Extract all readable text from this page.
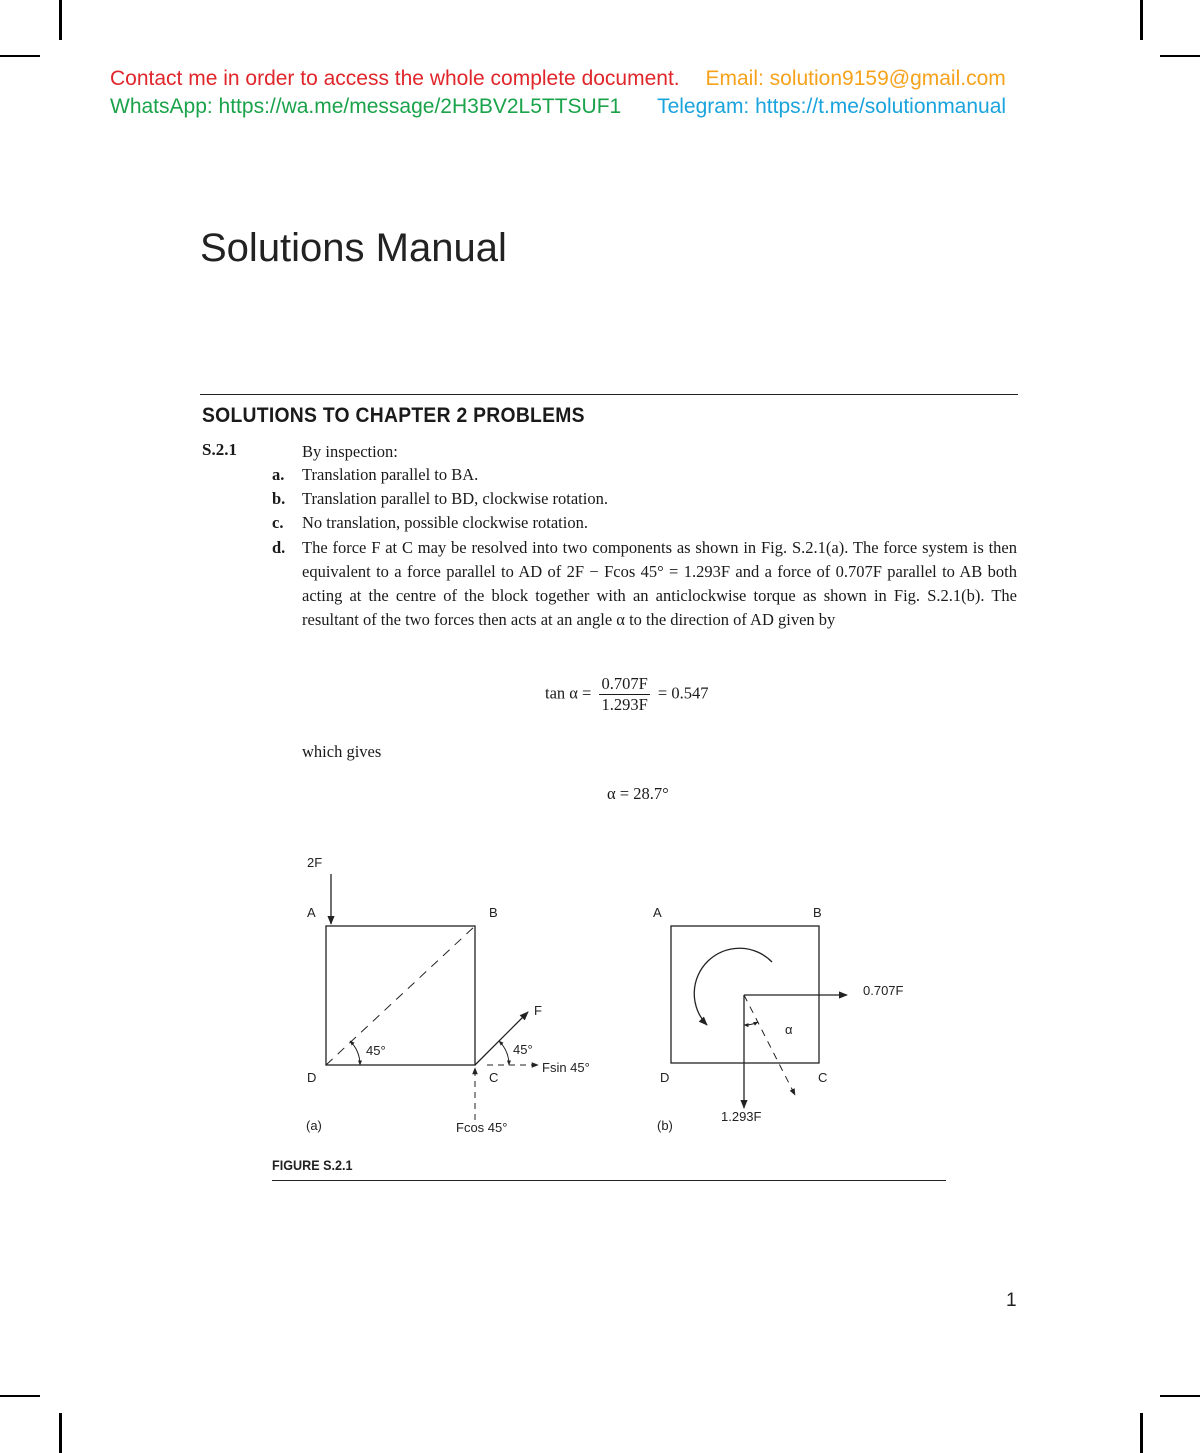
Contact me in order to access the whole complete document. Email: solution9159@gmail.com
WhatsApp: https://wa.me/message/2H3BV2L5TTSUF1 Telegram: https://t.me/solutionmanual
Solutions Manual
SOLUTIONS TO CHAPTER 2 PROBLEMS
S.2.1	By inspection:
a. Translation parallel to BA.
b. Translation parallel to BD, clockwise rotation.
c. No translation, possible clockwise rotation.
d. The force F at C may be resolved into two components as shown in Fig. S.2.1(a). The force system is then equivalent to a force parallel to AD of 2F − Fcos 45° = 1.293F and a force of 0.707F parallel to AB both acting at the centre of the block together with an anticlockwise torque as shown in Fig. S.2.1(b). The resultant of the two forces then acts at an angle α to the direction of AD given by
$\tan \alpha = \frac{0.707F}{1.293F} = 0.547$
which gives
α = 28.7°
2F
A	B
D	C
F
45°	45°
Fsin 45°
Fcos 45°
(a)
A	B
D	C
0.707F
α
1.293F
(b)
FIGURE S.2.1
1
